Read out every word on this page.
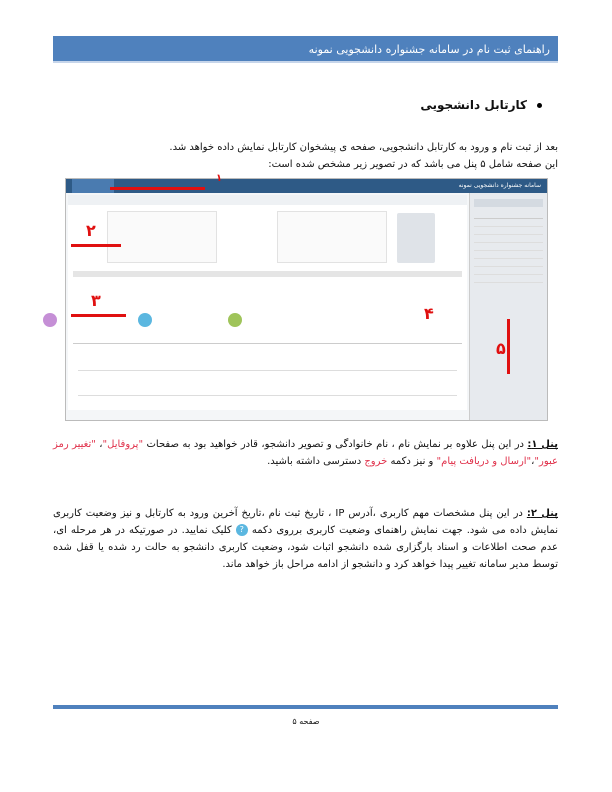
راهنمای ثبت نام در سامانه جشنواره دانشجویی نمونه
کارتابل دانشجویی
بعد از ثبت نام و ورود به کارتابل دانشجویی، صفحه ی پیشخوان کارتابل نمایش داده خواهد شد.
این صفحه شامل ۵ پنل می باشد که در تصویر زیر مشخص شده است:
سامانه جشنواره دانشجویی نمونه

۱
۲
۳
۴
۵
پنل ۱: در این پنل علاوه بر نمایش نام ، نام خانوادگی و تصویر دانشجو، قادر خواهید بود به صفحات "پروفایل"، "تغییر رمز عبور"،"ارسال و دریافت پیام" و نیز دکمه خروج دسترسی داشته باشید.
پنل ۲: در این پنل مشخصات مهم کاربری ،آدرس IP ، تاریخ ثبت نام ،تاریخ آخرین ورود به کارتابل و نیز وضعیت کاربری نمایش داده می شود. جهت نمایش راهنمای وضعیت کاربری برروی دکمه ? کلیک نمایید. در صورتیکه در هر مرحله ای، عدم صحت اطلاعات و اسناد بارگزاری شده دانشجو اثبات شود، وضعیت کاربری دانشجو به حالت رد شده یا قفل شده توسط مدیر سامانه تغییر پیدا خواهد کرد و دانشجو از ادامه مراحل باز خواهد ماند.
صفحه ۵
